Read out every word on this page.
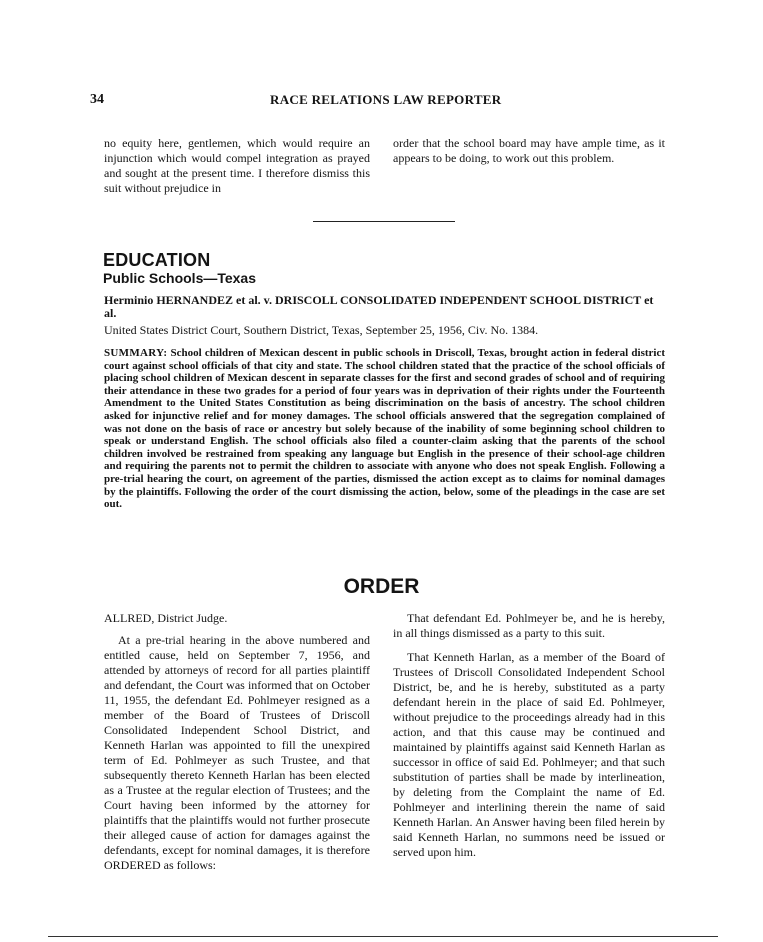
34	RACE RELATIONS LAW REPORTER
no equity here, gentlemen, which would require an injunction which would compel integration as prayed and sought at the present time. I therefore dismiss this suit without prejudice in
order that the school board may have ample time, as it appears to be doing, to work out this problem.
EDUCATION
Public Schools—Texas
Herminio HERNANDEZ et al. v. DRISCOLL CONSOLIDATED INDEPENDENT SCHOOL DISTRICT et al.
United States District Court, Southern District, Texas, September 25, 1956, Civ. No. 1384.
SUMMARY: School children of Mexican descent in public schools in Driscoll, Texas, brought action in federal district court against school officials of that city and state. The school children stated that the practice of the school officials of placing school children of Mexican descent in separate classes for the first and second grades of school and of requiring their attendance in these two grades for a period of four years was in deprivation of their rights under the Fourteenth Amendment to the United States Constitution as being discrimination on the basis of ancestry. The school children asked for injunctive relief and for money damages. The school officials answered that the segregation complained of was not done on the basis of race or ancestry but solely because of the inability of some beginning school children to speak or understand English. The school officials also filed a counter-claim asking that the parents of the school children involved be restrained from speaking any language but English in the presence of their school-age children and requiring the parents not to permit the children to associate with anyone who does not speak English. Following a pre-trial hearing the court, on agreement of the parties, dismissed the action except as to claims for nominal damages by the plaintiffs. Following the order of the court dismissing the action, below, some of the pleadings in the case are set out.
ORDER

ALLRED, District Judge.

At a pre-trial hearing in the above numbered and entitled cause, held on September 7, 1956, and attended by attorneys of record for all parties plaintiff and defendant, the Court was informed that on October 11, 1955, the defendant Ed. Pohlmeyer resigned as a member of the Board of Trustees of Driscoll Consolidated Independent School District, and Kenneth Harlan was appointed to fill the unexpired term of Ed. Pohlmeyer as such Trustee, and that subsequently thereto Kenneth Harlan has been elected as a Trustee at the regular election of Trustees; and the Court having been informed by the attorney for plaintiffs that the plaintiffs would not further prosecute their alleged cause of action for damages against the defendants, except for nominal damages, it is therefore ORDERED as follows:

That defendant Ed. Pohlmeyer be, and he is hereby, in all things dismissed as a party to this suit.

That Kenneth Harlan, as a member of the Board of Trustees of Driscoll Consolidated Independent School District, be, and he is hereby, substituted as a party defendant herein in the place of said Ed. Pohlmeyer, without prejudice to the proceedings already had in this action, and that this cause may be continued and maintained by plaintiffs against said Kenneth Harlan as successor in office of said Ed. Pohlmeyer; and that such substitution of parties shall be made by interlineation, by deleting from the Complaint the name of Ed. Pohlmeyer and interlining therein the name of said Kenneth Harlan. An Answer having been filed herein by said Kenneth Harlan, no summons need be issued or served upon him.
